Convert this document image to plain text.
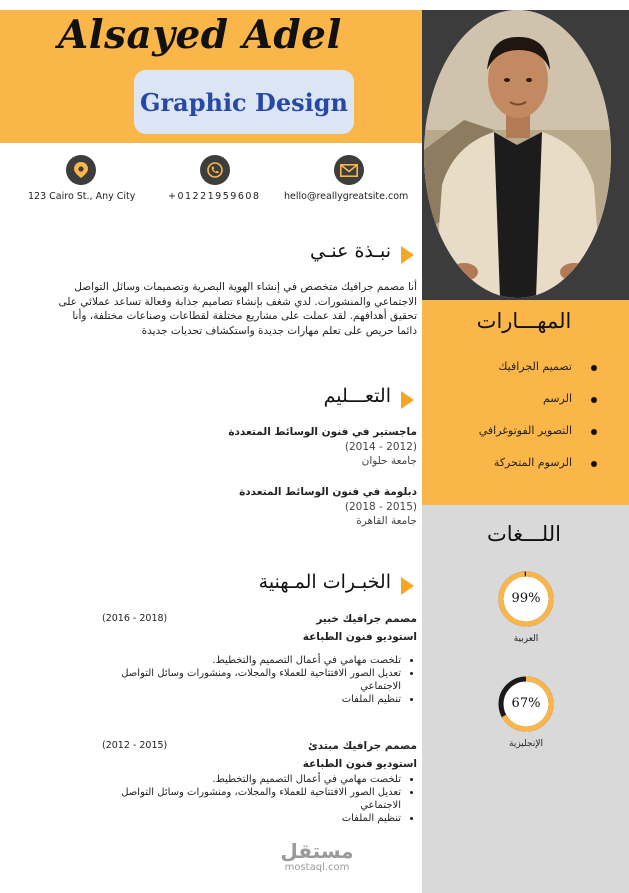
Alsayed Adel
Graphic Design
123 Cairo St., Any City	+01221959608 hello@reallygreatsite.com
نبـذة عنـي
أنا مصمم جرافيك متخصص في إنشاء الهوية البصرية وتصميمات وسائل التواصل
الاجتماعي والمنشورات. لدي شغف بإنشاء تصاميم جذابة وفعالة تساعد عملائي على
تحقيق أهدافهم. لقد عملت على مشاريع مختلفة لقطاعات وصناعات مختلفة، وأنا
دائما حريص على تعلم مهارات جديدة واستكشاف تحديات جديدة
التعـــليم
ماجستير في فنون الوسائط المتعددة
(2012 - 2014)
جامعة حلوان
دبلومة في فنون الوسائط المتعددة
(2015 - 2018)
جامعة القاهرة
الخبـرات المـهنية
(2016 - 2018)	مصمم جرافيك خبير
استوديو فنون الطباعة
• تلخصت مهامي في أعمال التصميم والتخطيط.
• تعديل الصور الافتتاحية للعملاء والمجلات، ومنشورات وسائل التواصل الاجتماعي
• تنظيم الملفات
(2012 - 2015)	مصمم جرافيك مبتدئ
استوديو فنون الطباعة
• تلخصت مهامي في أعمال التصميم والتخطيط.
• تعديل الصور الافتتاحية للعملاء والمجلات، ومنشورات وسائل التواصل الاجتماعي
• تنظيم الملفات
المهـــارات
تصميم الجرافيك
الرسم
التصوير الفوتوغرافي
الرسوم المتحركة
اللـــغات
99%
العربية
67%
الإنجليزية
مستقل
mostaql.com
